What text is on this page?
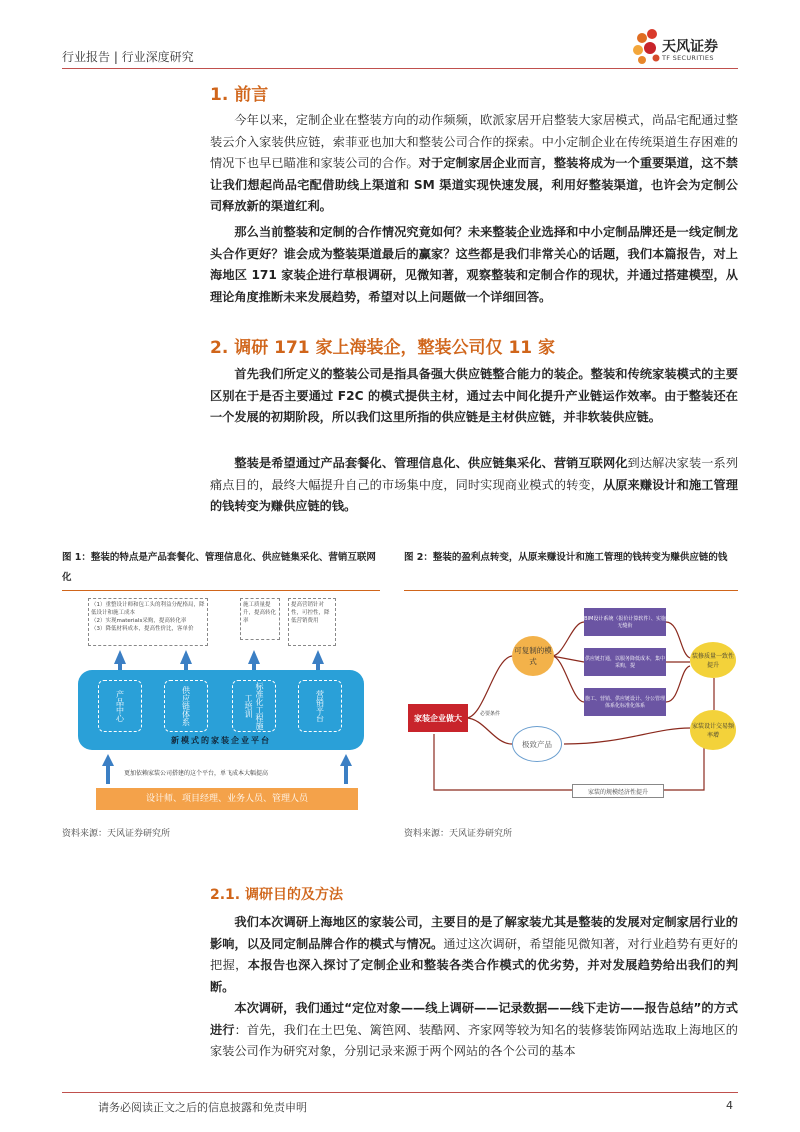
行业报告 | 行业深度研究
天风证券
TF SECURITIES
1. 前言
今年以来，定制企业在整装方向的动作频频，欧派家居开启整装大家居模式，尚品宅配通过整装云介入家装供应链，索菲亚也加大和整装公司合作的探索。中小定制企业在传统渠道生存困难的情况下也早已瞄准和家装公司的合作。对于定制家居企业而言，整装将成为一个重要渠道，这不禁让我们想起尚品宅配借助线上渠道和 SM 渠道实现快速发展，利用好整装渠道，也许会为定制公司释放新的渠道红利。
那么当前整装和定制的合作情况究竟如何？未来整装企业选择和中小定制品牌还是一线定制龙头合作更好？谁会成为整装渠道最后的赢家？这些都是我们非常关心的话题，我们本篇报告，对上海地区 171 家装企进行草根调研，见微知著，观察整装和定制合作的现状，并通过搭建模型，从理论角度推断未来发展趋势，希望对以上问题做一个详细回答。
2. 调研 171 家上海装企，整装公司仅 11 家
首先我们所定义的整装公司是指具备强大供应链整合能力的装企。整装和传统家装模式的主要区别在于是否主要通过 F2C 的模式提供主材，通过去中间化提升产业链运作效率。由于整装还在一个发展的初期阶段，所以我们这里所指的供应链是主材供应链，并非软装供应链。
整装是希望通过产品套餐化、管理信息化、供应链集采化、营销互联网化到达解决家装一系列痛点目的，最终大幅提升自己的市场集中度，同时实现商业模式的转变，从原来赚设计和施工管理的钱转变为赚供应链的钱。
图 1：整装的特点是产品套餐化、管理信息化、供应链集采化、营销互联网化
（1）重整设计师和包工头的利益分配格局，降低设计和施工成本
（2）实现materials采购，提高转化率
（3）降低材料成本，提高性价比，客单价
施工质量提升，提高转化率
提高营销针对性，可控性，降低营销费用
产品中心	供应链体系	标准化工程施工培训	营销平台
新模式的家装企业平台
更加依赖家装公司搭建的这个平台，单飞成本大幅提高
设计师、项目经理、业务人员、管理人员
资料来源：天风证券研究所
图 2：整装的盈利点转变，从原来赚设计和施工管理的钱转变为赚供应链的钱
家装企业做大	必要条件
可复制的模式
极致产品
BIM设计系统（报价计算软件）、实施无缝衔
供应链打通，以服务降低成本，集中采购，提
施工、营销、供应链设计、分公管理体系化标准化体系
装修质量一致性提升
家装设计交易频率增
家装的规模经济性提升
资料来源：天风证券研究所
2.1. 调研目的及方法
我们本次调研上海地区的家装公司，主要目的是了解家装尤其是整装的发展对定制家居行业的影响，以及同定制品牌合作的模式与情况。通过这次调研，希望能见微知著，对行业趋势有更好的把握，本报告也深入探讨了定制企业和整装各类合作模式的优劣势，并对发展趋势给出我们的判断。
本次调研，我们通过“定位对象——线上调研——记录数据——线下走访——报告总结”的方式进行：首先，我们在土巴兔、篱笆网、装酷网、齐家网等较为知名的装修装饰网站选取上海地区的家装公司作为研究对象，分别记录来源于两个网站的各个公司的基本
请务必阅读正文之后的信息披露和免责申明	4
